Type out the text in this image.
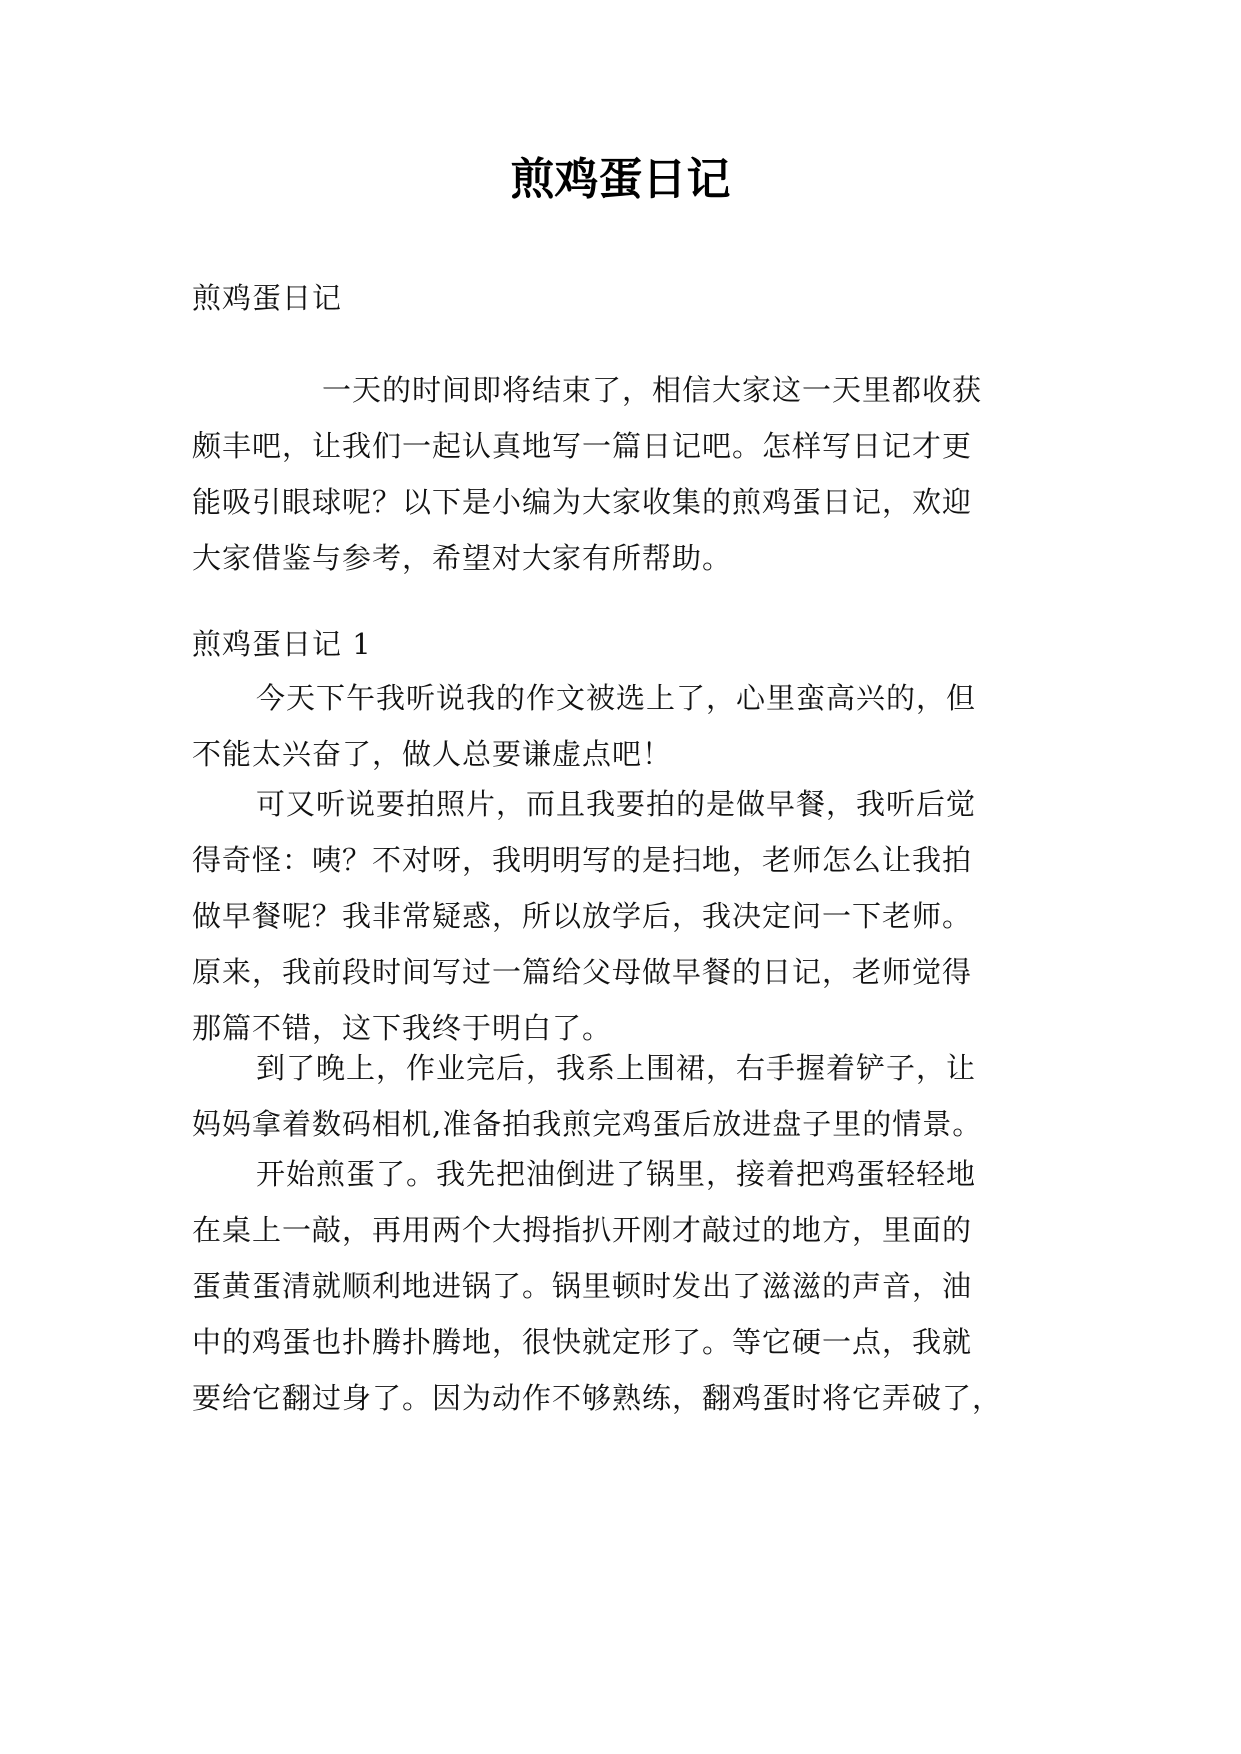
煎鸡蛋日记

煎鸡蛋日记

一天的时间即将结束了，相信大家这一天里都收获
颇丰吧，让我们一起认真地写一篇日记吧。怎样写日记才更
能吸引眼球呢？以下是小编为大家收集的煎鸡蛋日记，欢迎
大家借鉴与参考，希望对大家有所帮助。

煎鸡蛋日记 1

今天下午我听说我的作文被选上了，心里蛮高兴的，但
不能太兴奋了，做人总要谦虚点吧！
可又听说要拍照片，而且我要拍的是做早餐，我听后觉
得奇怪：咦？不对呀，我明明写的是扫地，老师怎么让我拍
做早餐呢？我非常疑惑，所以放学后，我决定问一下老师。
原来，我前段时间写过一篇给父母做早餐的日记，老师觉得
那篇不错，这下我终于明白了。
到了晚上，作业完后，我系上围裙，右手握着铲子，让
妈妈拿着数码相机,准备拍我煎完鸡蛋后放进盘子里的情景。
开始煎蛋了。我先把油倒进了锅里，接着把鸡蛋轻轻地
在桌上一敲，再用两个大拇指扒开刚才敲过的地方，里面的
蛋黄蛋清就顺利地进锅了。锅里顿时发出了滋滋的声音，油
中的鸡蛋也扑腾扑腾地，很快就定形了。等它硬一点，我就
要给它翻过身了。因为动作不够熟练，翻鸡蛋时将它弄破了，
